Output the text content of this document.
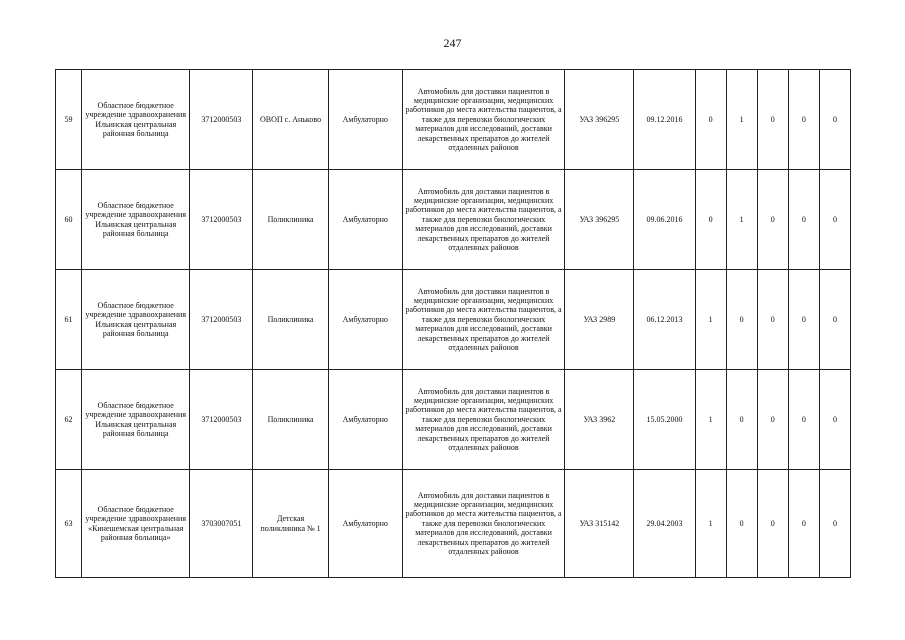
247
59	Областное бюджетное учреждение здравоохранения Ильинская центральная районная больница	3712000503	ОВОП с. Аньково	Амбулаторно	Автомобиль для доставки пациентов в медицинские организации, медицинских работников до места жительства пациентов, а также для перевозки биологических материалов для исследований, доставки лекарственных препаратов до жителей отдаленных районов	УАЗ 396295	09.12.2016	0	1	0	0	0
60	Областное бюджетное учреждение здравоохранения Ильинская центральная районная больница	3712000503	Поликлиника	Амбулаторно	Автомобиль для доставки пациентов в медицинские организации, медицинских работников до места жительства пациентов, а также для перевозки биологических материалов для исследований, доставки лекарственных препаратов до жителей отдаленных районов	УАЗ 396295	09.06.2016	0	1	0	0	0
61	Областное бюджетное учреждение здравоохранения Ильинская центральная районная больница	3712000503	Поликлиника	Амбулаторно	Автомобиль для доставки пациентов в медицинские организации, медицинских работников до места жительства пациентов, а также для перевозки биологических материалов для исследований, доставки лекарственных препаратов до жителей отдаленных районов	УАЗ 2989	06.12.2013	1	0	0	0	0
62	Областное бюджетное учреждение здравоохранения Ильинская центральная районная больница	3712000503	Поликлиника	Амбулаторно	Автомобиль для доставки пациентов в медицинские организации, медицинских работников до места жительства пациентов, а также для перевозки биологических материалов для исследований, доставки лекарственных препаратов до жителей отдаленных районов	УАЗ 3962	15.05.2000	1	0	0	0	0
63	Областное бюджетное учреждение здравоохранения «Кинешемская центральная районная больница»	3703007051	Детская поликлиника № 1	Амбулаторно	Автомобиль для доставки пациентов в медицинские организации, медицинских работников до места жительства пациентов, а также для перевозки биологических материалов для исследований, доставки лекарственных препаратов до жителей отдаленных районов	УАЗ 315142	29.04.2003	1	0	0	0	0
